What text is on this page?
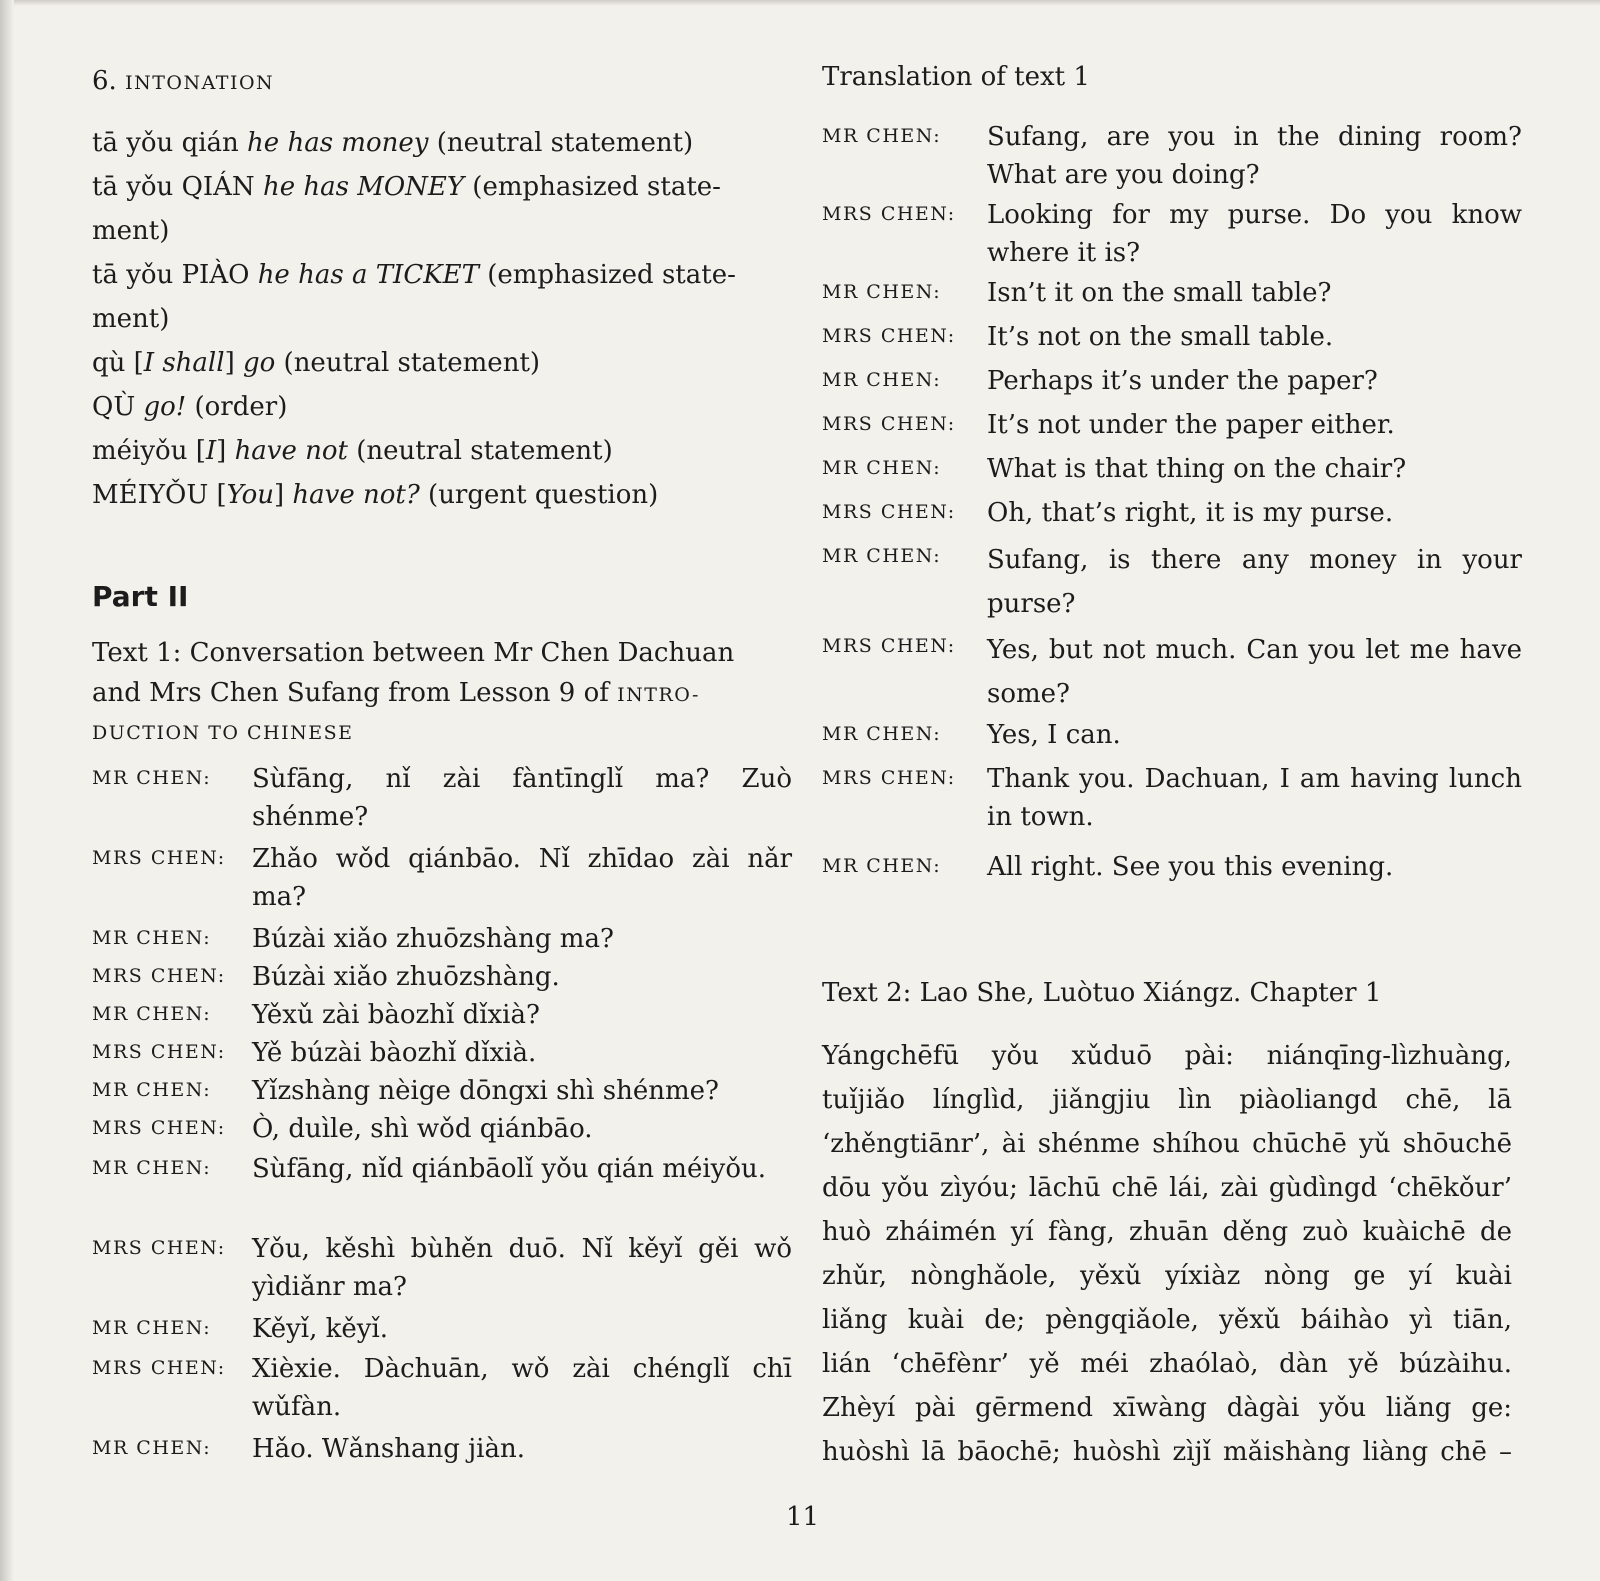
6. INTONATION
tā yǒu qián he has money (neutral statement)
tā yǒu QIÁN he has MONEY (emphasized state-
ment)
tā yǒu PIÀO he has a TICKET (emphasized state-
ment)
qù [I shall] go (neutral statement)
QÙ go! (order)
méiyǒu [I] have not (neutral statement)
MÉIYǑU [You] have not? (urgent question)
Part II
Text 1: Conversation between Mr Chen Dachuan
and Mrs Chen Sufang from Lesson 9 of INTRO-
DUCTION TO CHINESE
MR CHEN: Sùfāng, nǐ zài fàntīnglǐ ma? Zuò shénme?
MRS CHEN: Zhǎo wǒd qiánbāo. Nǐ zhīdao zài nǎr ma?
MR CHEN: Búzài xiǎo zhuōzshàng ma?
MRS CHEN: Búzài xiǎo zhuōzshàng.
MR CHEN: Yěxǔ zài bàozhǐ dǐxià?
MRS CHEN: Yě búzài bàozhǐ dǐxià.
MR CHEN: Yǐzshàng nèige dōngxi shì shénme?
MRS CHEN: Ò, duìle, shì wǒd qiánbāo.
MR CHEN: Sùfāng, nǐd qiánbāolǐ yǒu qián méiyǒu.
MRS CHEN: Yǒu, kěshì bùhěn duō. Nǐ kěyǐ gěi wǒ yìdiǎnr ma?
MR CHEN: Kěyǐ, kěyǐ.
MRS CHEN: Xièxie. Dàchuān, wǒ zài chénglǐ chī wǔfàn.
MR CHEN: Hǎo. Wǎnshang jiàn.
Translation of text 1
MR CHEN: Sufang, are you in the dining room? What are you doing?
MRS CHEN: Looking for my purse. Do you know where it is?
MR CHEN: Isn’t it on the small table?
MRS CHEN: It’s not on the small table.
MR CHEN: Perhaps it’s under the paper?
MRS CHEN: It’s not under the paper either.
MR CHEN: What is that thing on the chair?
MRS CHEN: Oh, that’s right, it is my purse.
MR CHEN: Sufang, is there any money in your purse?
MRS CHEN: Yes, but not much. Can you let me have some?
MR CHEN: Yes, I can.
MRS CHEN: Thank you. Dachuan, I am having lunch in town.
MR CHEN: All right. See you this evening.
Text 2: Lao She, Luòtuo Xiángz. Chapter 1
Yángchēfū yǒu xǔduō pài: niánqīng-lìzhuàng,
tuǐjiǎo línglìd, jiǎngjiu lìn piàoliangd chē, lā
‘zhěngtiānr’, ài shénme shíhou chūchē yǔ shōuchē
dōu yǒu zìyóu; lāchū chē lái, zài gùdìngd ‘chēkǒur’
huò zháimén yí fàng, zhuān děng zuò kuàichē de
zhǔr, nònghǎole, yěxǔ yíxiàz nòng ge yí kuài
liǎng kuài de; pèngqiǎole, yěxǔ báihào yì tiān,
lián ‘chēfènr’ yě méi zhaólaò, dàn yě búzàihu.
Zhèyí pài gērmend xīwàng dàgài yǒu liǎng ge:
huòshì lā bāochē; huòshì zìjǐ mǎishàng liàng chē –
11
